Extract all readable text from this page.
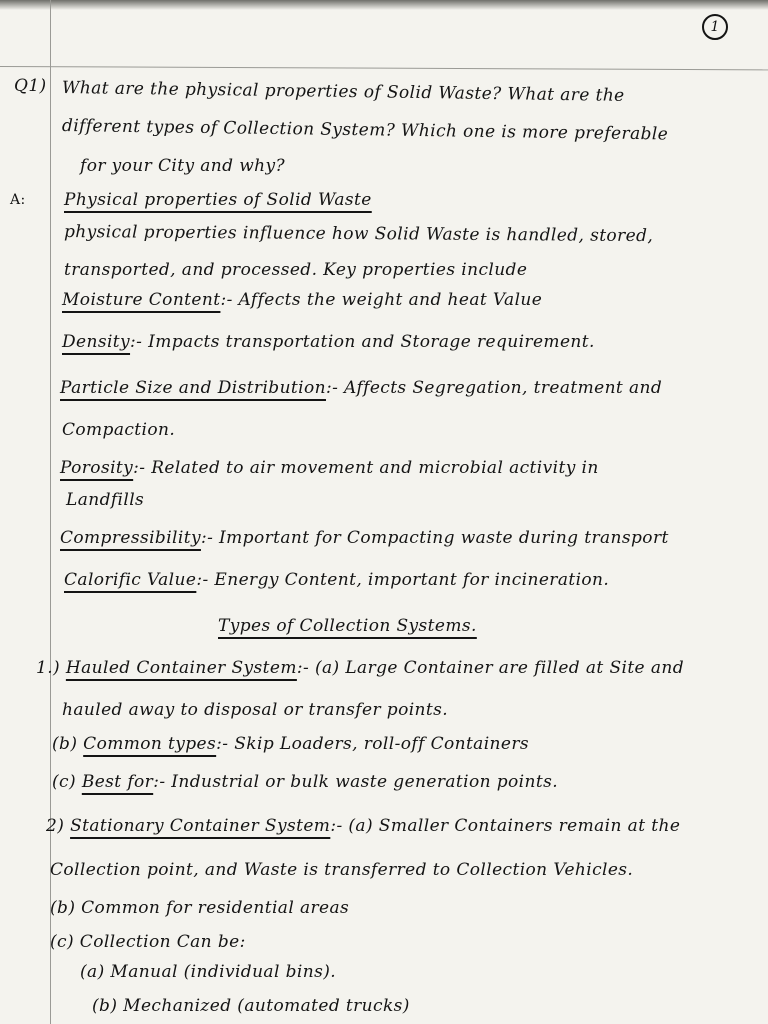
1
Q1) What are the physical properties of Solid Waste? What are the
different types of Collection System? Which one is more preferable
for your City and why?
A: Physical properties of Solid Waste
physical properties influence how Solid Waste is handled, stored,
transported, and processed. Key properties include
Moisture Content:- Affects the weight and heat Value
Density:- Impacts transportation and Storage requirement.
Particle Size and Distribution:- Affects Segregation, treatment and
Compaction.
Porosity:- Related to air movement and microbial activity in
Landfills
Compressibility:- Important for Compacting waste during transport
Calorific Value:- Energy Content, important for incineration.
Types of Collection Systems.
1.) Hauled Container System:- (a) Large Container are filled at Site and
hauled away to disposal or transfer points.
(b) Common types:- Skip Loaders, roll-off Containers
(c) Best for:- Industrial or bulk waste generation points.
2) Stationary Container System:- (a) Smaller Containers remain at the
Collection point, and Waste is transferred to Collection Vehicles.
(b) Common for residential areas
(c) Collection Can be:
(a) Manual (individual bins).
(b) Mechanized (automated trucks)
